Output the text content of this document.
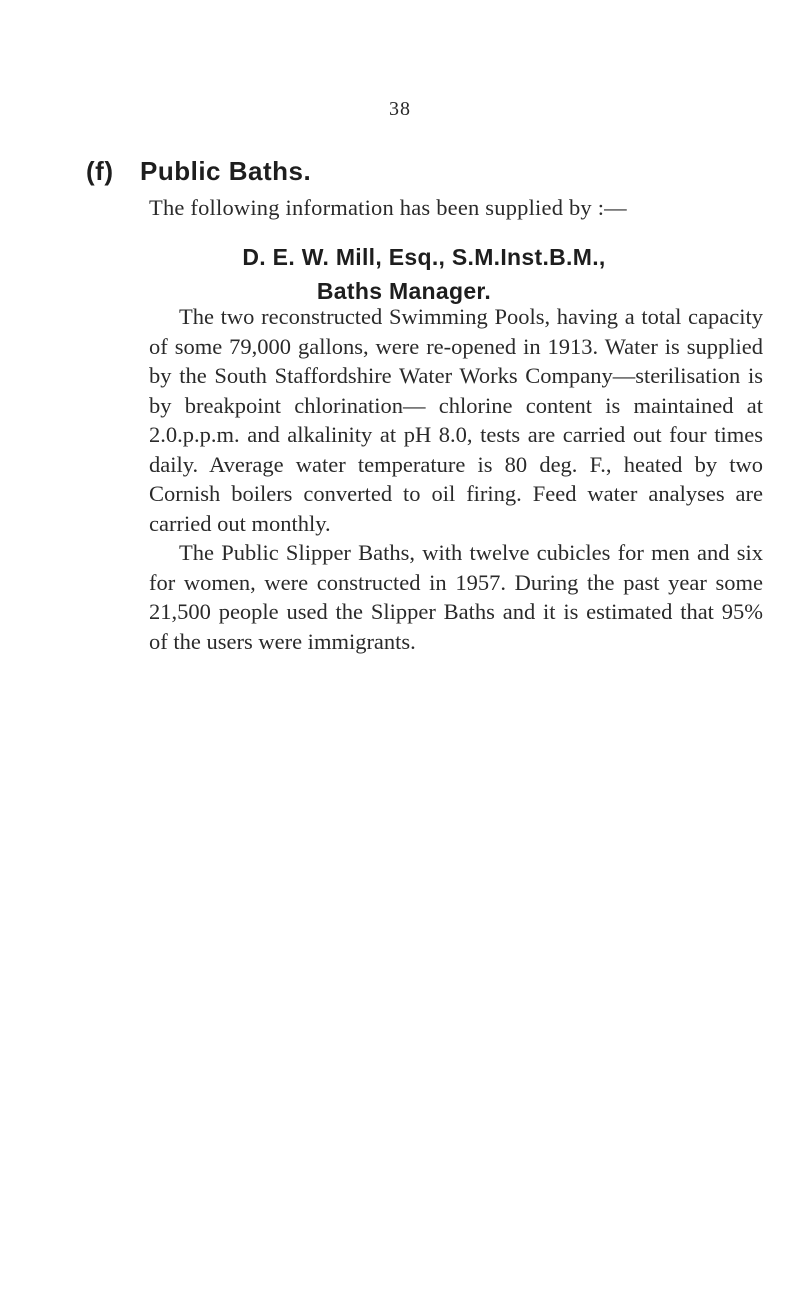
38
(f) Public Baths.
The following information has been supplied by :—
D. E. W. Mill, Esq., S.M.Inst.B.M.,
Baths Manager.

The two reconstructed Swimming Pools, having a total capacity of some 79,000 gallons, were re-opened in 1913. Water is supplied by the South Staffordshire Water Works Company—sterilisation is by breakpoint chlorination— chlorine content is maintained at 2.0.p.p.m. and alkalinity at pH 8.0, tests are carried out four times daily. Average water temperature is 80 deg. F., heated by two Cornish boilers converted to oil firing. Feed water analyses are carried out monthly.

The Public Slipper Baths, with twelve cubicles for men and six for women, were constructed in 1957. During the past year some 21,500 people used the Slipper Baths and it is estimated that 95% of the users were immigrants.
